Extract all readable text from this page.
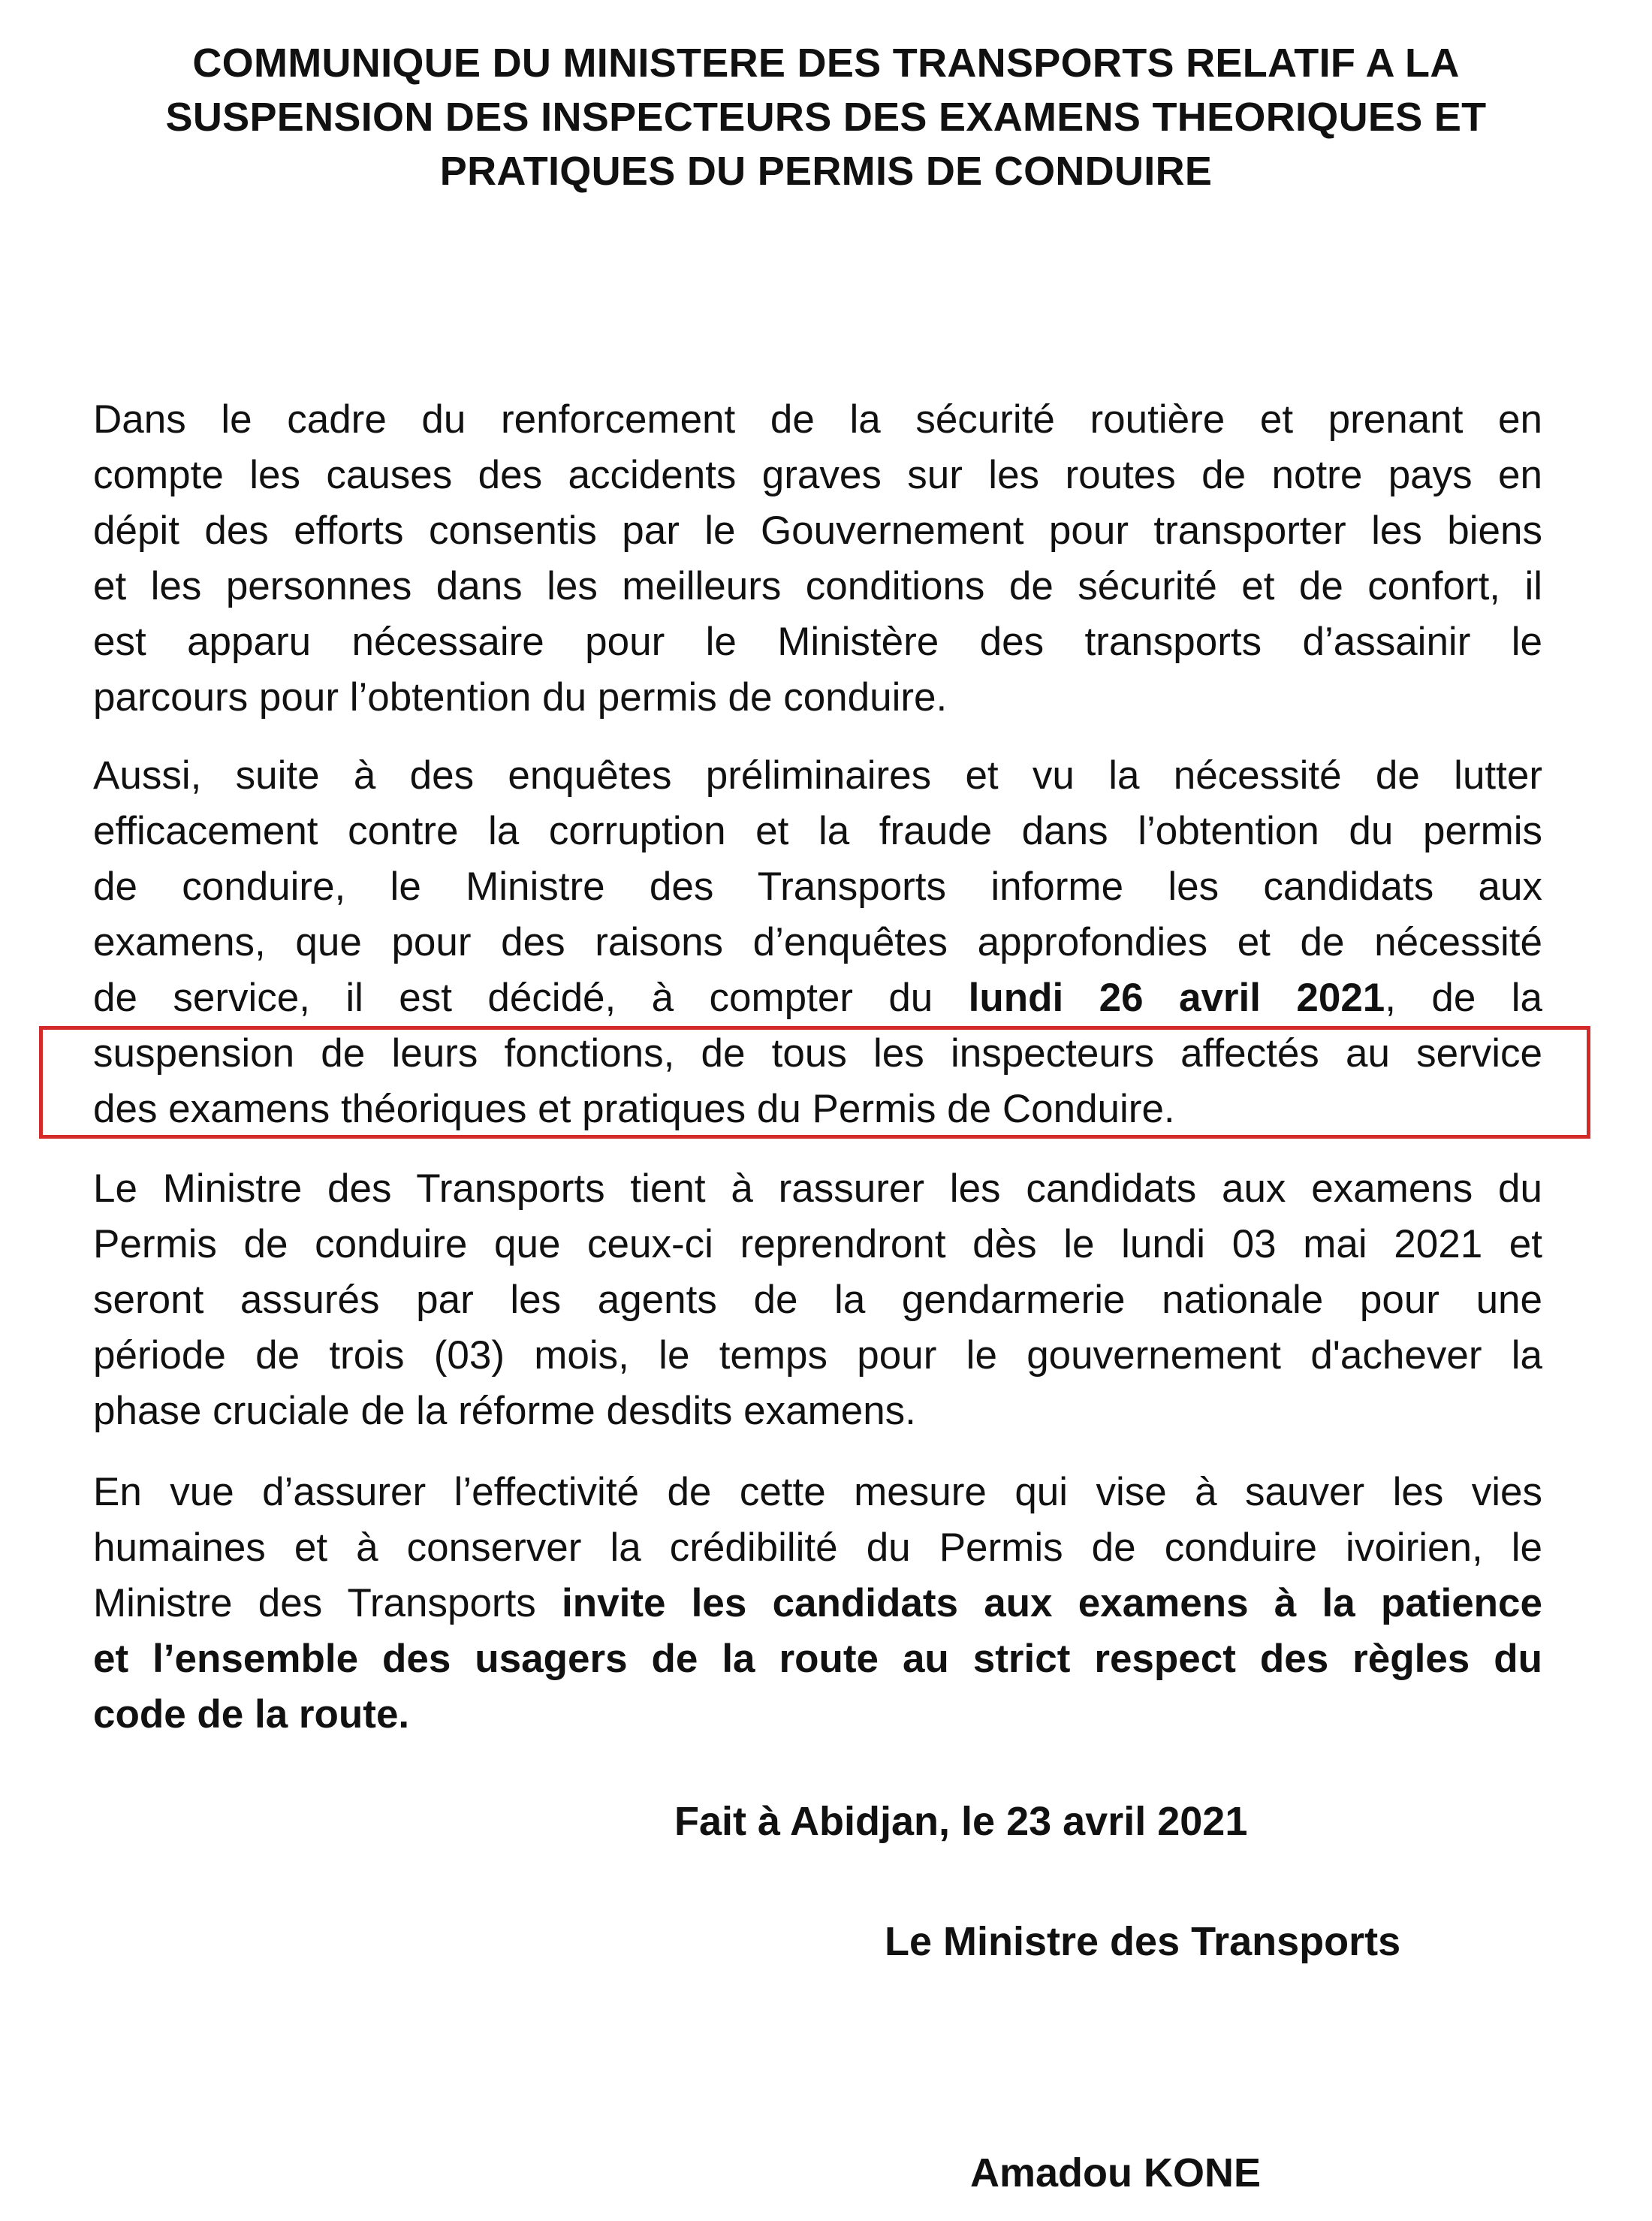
COMMUNIQUE DU MINISTERE DES TRANSPORTS RELATIF A LA
SUSPENSION DES INSPECTEURS DES EXAMENS THEORIQUES ET
PRATIQUES DU PERMIS DE CONDUIRE
Dans le cadre du renforcement de la sécurité routière et prenant en
compte les causes des accidents graves sur les routes de notre pays en
dépit des efforts consentis par le Gouvernement pour transporter les biens
et les personnes dans les meilleurs conditions de sécurité et de confort, il
est apparu nécessaire pour le Ministère des transports d’assainir le
parcours pour l’obtention du permis de conduire.
Aussi, suite à des enquêtes préliminaires et vu la nécessité de lutter
efficacement contre la corruption et la fraude dans l’obtention du permis
de conduire, le Ministre des Transports informe les candidats aux
examens, que pour des raisons d’enquêtes approfondies et de nécessité
de service, il est décidé, à compter du lundi 26 avril 2021, de la
suspension de leurs fonctions, de tous les inspecteurs affectés au service
des examens théoriques et pratiques du Permis de Conduire.
Le Ministre des Transports tient à rassurer les candidats aux examens du
Permis de conduire que ceux-ci reprendront dès le lundi 03 mai 2021 et
seront assurés par les agents de la gendarmerie nationale pour une
période de trois (03) mois, le temps pour le gouvernement d'achever la
phase cruciale de la réforme desdits examens.
En vue d’assurer l’effectivité de cette mesure qui vise à sauver les vies
humaines et à conserver la crédibilité du Permis de conduire ivoirien, le
Ministre des Transports invite les candidats aux examens à la patience
et l’ensemble des usagers de la route au strict respect des règles du
code de la route.
Fait à Abidjan, le 23 avril 2021
Le Ministre des Transports
Amadou KONE
